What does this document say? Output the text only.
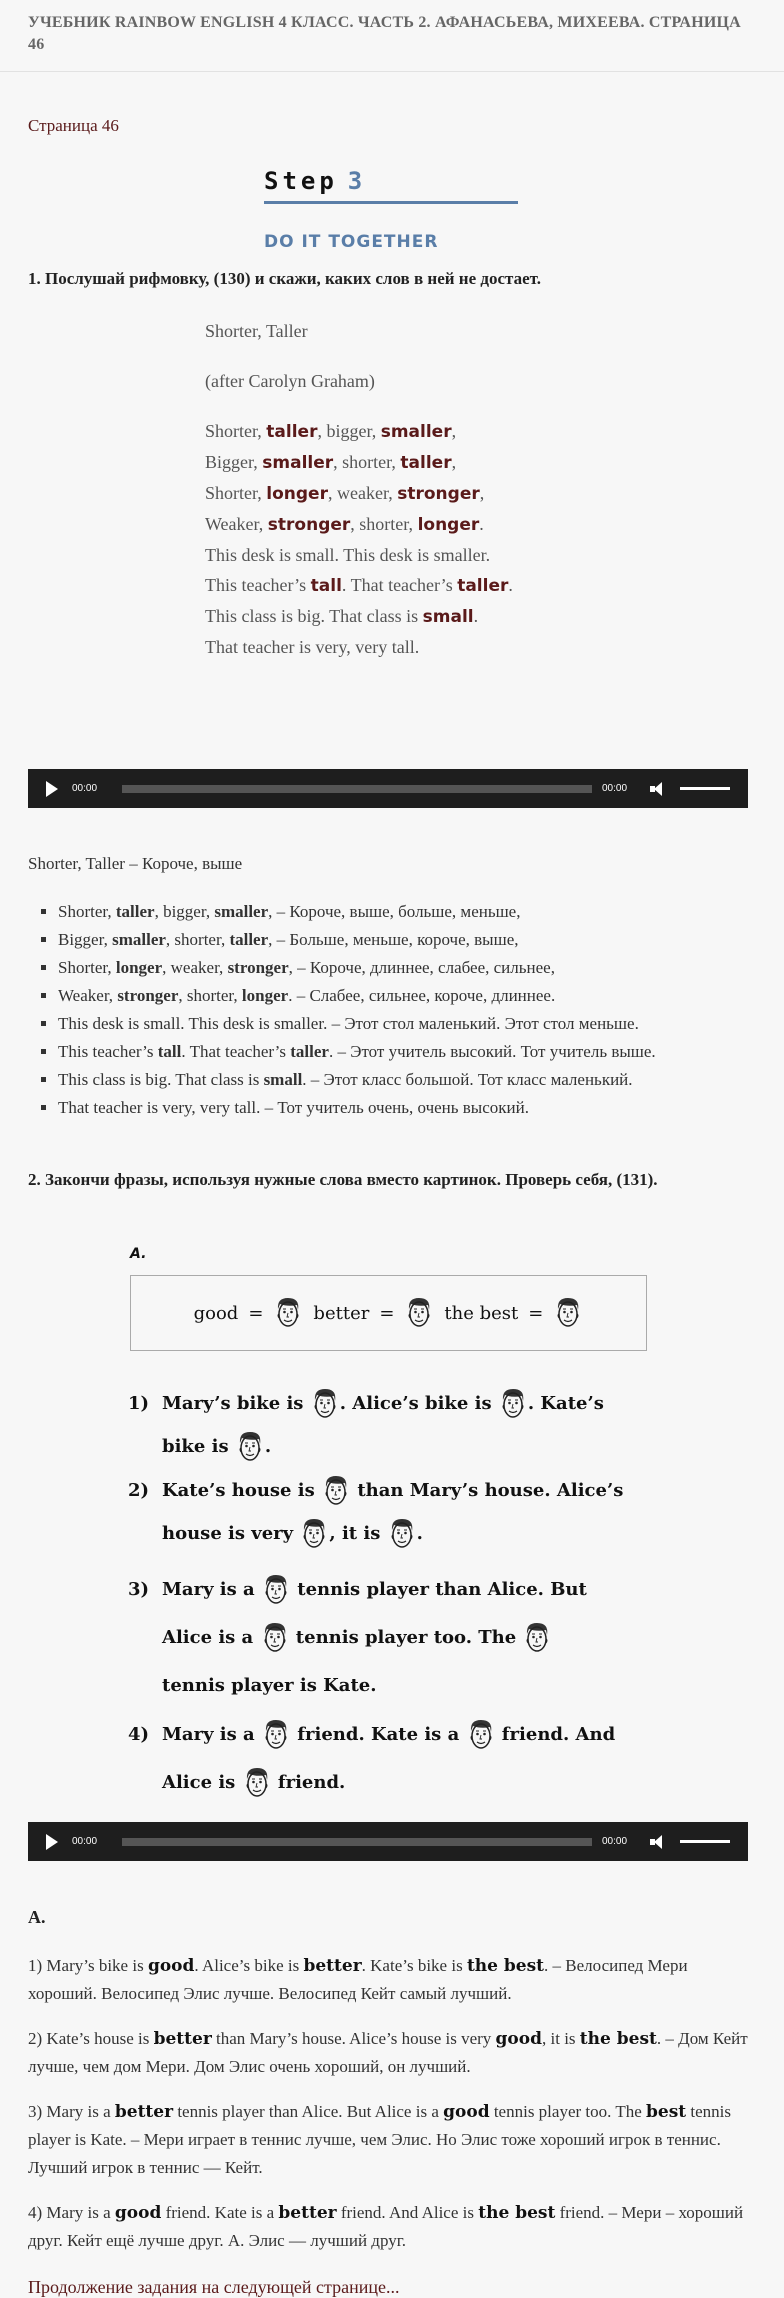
УЧЕБНИК RAINBOW ENGLISH 4 КЛАСС. ЧАСТЬ 2. АФАНАСЬЕВА, МИХЕЕВА. СТРАНИЦА 46
Страница 46
Step 3
DO IT TOGETHER
1. Послушай рифмовку, (130) и скажи, каких слов в ней не достает.

Shorter, Taller

(after Carolyn Graham)

Shorter, taller, bigger, smaller,

Bigger, smaller, shorter, taller,

Shorter, longer, weaker, stronger,

Weaker, stronger, shorter, longer.

This desk is small. This desk is smaller.

This teacher’s tall. That teacher’s taller.

This class is big. That class is small.

That teacher is very, very tall.

00:00	00:00
Shorter, Taller – Короче, выше
▪ Shorter, taller, bigger, smaller, – Короче, выше, больше, меньше,
▪ Bigger, smaller, shorter, taller, – Больше, меньше, короче, выше,
▪ Shorter, longer, weaker, stronger, – Короче, длиннее, слабее, сильнее,
▪ Weaker, stronger, shorter, longer. – Слабее, сильнее, короче, длиннее.
▪ This desk is small. This desk is smaller. – Этот стол маленький. Этот стол меньше.
▪ This teacher’s tall. That teacher’s taller. – Этот учитель высокий. Тот учитель выше.
▪ This class is big. That class is small. – Этот класс большой. Тот класс маленький.
▪ That teacher is very, very tall. – Тот учитель очень, очень высокий.
2. Закончи фразы, используя нужные слова вместо картинок. Проверь себя, (131).
A.
good =	better =	the best =
1) Mary’s bike is . Alice’s bike is . Kate’s
bike is .
2) Kate’s house is than Mary’s house. Alice’s
house is very , it is .
3) Mary is a tennis player than Alice. But
Alice is a tennis player too. The
tennis player is Kate.
4) Mary is a friend. Kate is a friend. And
Alice is friend.
00:00	00:00
A.
1) Mary’s bike is good. Alice’s bike is better. Kate’s bike is the best. – Велосипед Мери хороший. Велосипед Элис лучше. Велосипед Кейт самый лучший.
2) Kate’s house is better than Mary’s house. Alice’s house is very good, it is the best. – Дом Кейт лучше, чем дом Мери. Дом Элис очень хороший, он лучший.
3) Mary is a better tennis player than Alice. But Alice is a good tennis player too. The best tennis player is Kate. – Мери играет в теннис лучше, чем Элис. Но Элис тоже хороший игрок в теннис. Лучший игрок в теннис — Кейт.
4) Mary is a good friend. Kate is a better friend. And Alice is the best friend. – Мери – хороший друг. Кейт ещё лучше друг. А. Элис — лучший друг.
Продолжение задания на следующей странице...
